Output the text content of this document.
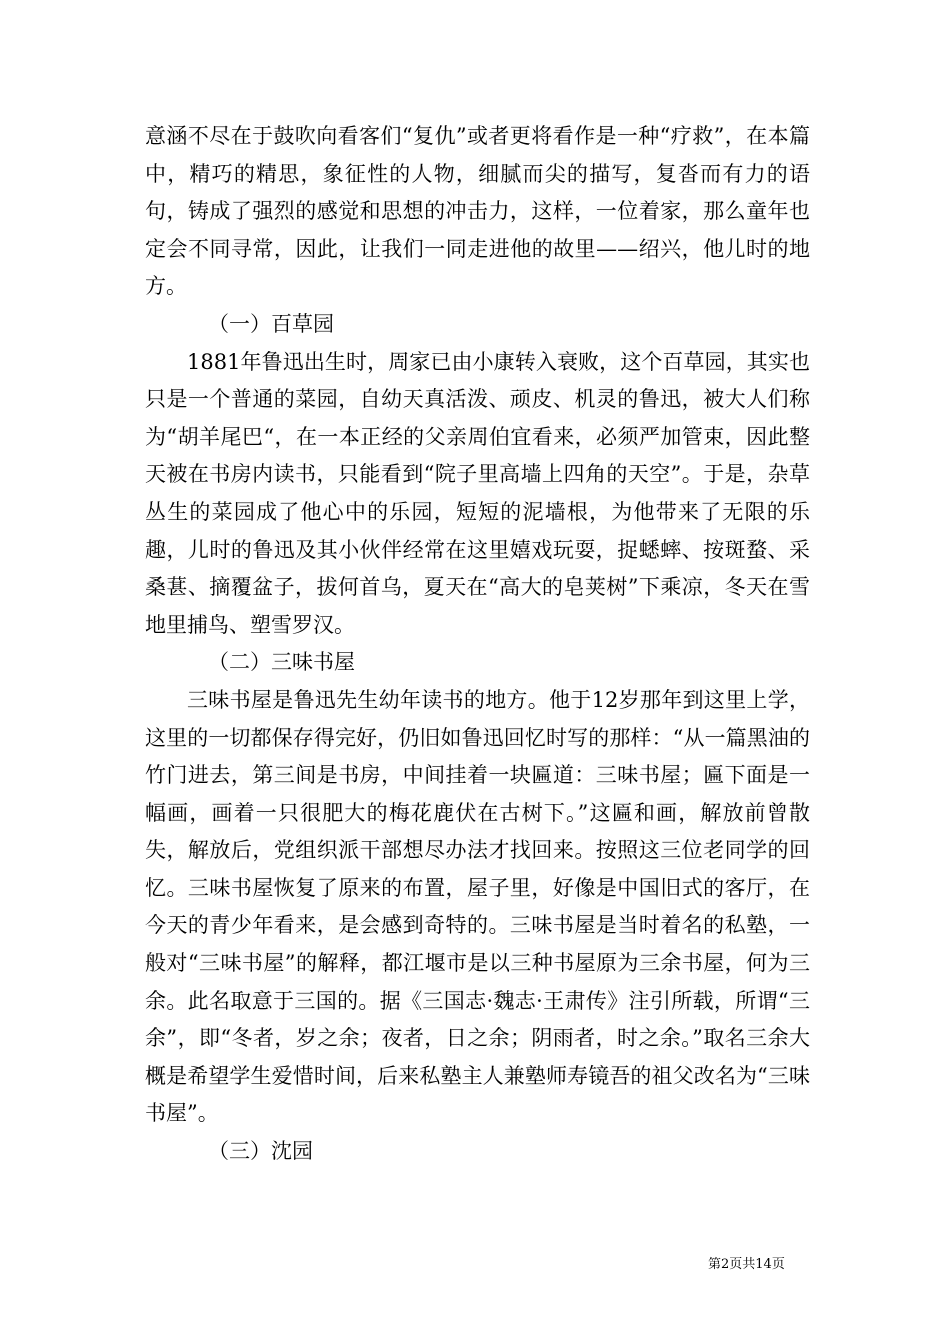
意涵不尽在于鼓吹向看客们“复仇”或者更将看作是一种“疗救”，在本篇中，精巧的精思，象征性的人物，细腻而尖的描写，复沓而有力的语句，铸成了强烈的感觉和思想的冲击力，这样，一位着家，那么童年也定会不同寻常，因此，让我们一同走进他的故里——绍兴，他儿时的地方。

（一）百草园

1881年鲁迅出生时，周家已由小康转入衰败，这个百草园，其实也只是一个普通的菜园，自幼天真活泼、顽皮、机灵的鲁迅，被大人们称为“胡羊尾巴“，在一本正经的父亲周伯宜看来，必须严加管束，因此整天被在书房内读书，只能看到“院子里高墙上四角的天空”。于是，杂草丛生的菜园成了他心中的乐园，短短的泥墙根，为他带来了无限的乐趣，儿时的鲁迅及其小伙伴经常在这里嬉戏玩耍，捉蟋蟀、按斑蝥、采桑葚、摘覆盆子，拔何首乌，夏天在“高大的皂荚树”下乘凉，冬天在雪地里捕鸟、塑雪罗汉。

（二）三味书屋

三味书屋是鲁迅先生幼年读书的地方。他于12岁那年到这里上学，这里的一切都保存得完好，仍旧如鲁迅回忆时写的那样：“从一篇黑油的竹门进去，第三间是书房，中间挂着一块匾道：三味书屋；匾下面是一幅画，画着一只很肥大的梅花鹿伏在古树下。”这匾和画，解放前曾散失，解放后，党组织派干部想尽办法才找回来。按照这三位老同学的回忆。三味书屋恢复了原来的布置，屋子里，好像是中国旧式的客厅，在今天的青少年看来，是会感到奇特的。三味书屋是当时着名的私塾，一般对“三味书屋”的解释，都江堰市是以三种书屋原为三余书屋，何为三余。此名取意于三国的。据《三国志·魏志·王肃传》注引所载，所谓“三余”，即“冬者，岁之余；夜者，日之余；阴雨者，时之余。”取名三余大概是希望学生爱惜时间，后来私塾主人兼塾师寿镜吾的祖父改名为“三味书屋”。

（三）沈园

第2页共14页
